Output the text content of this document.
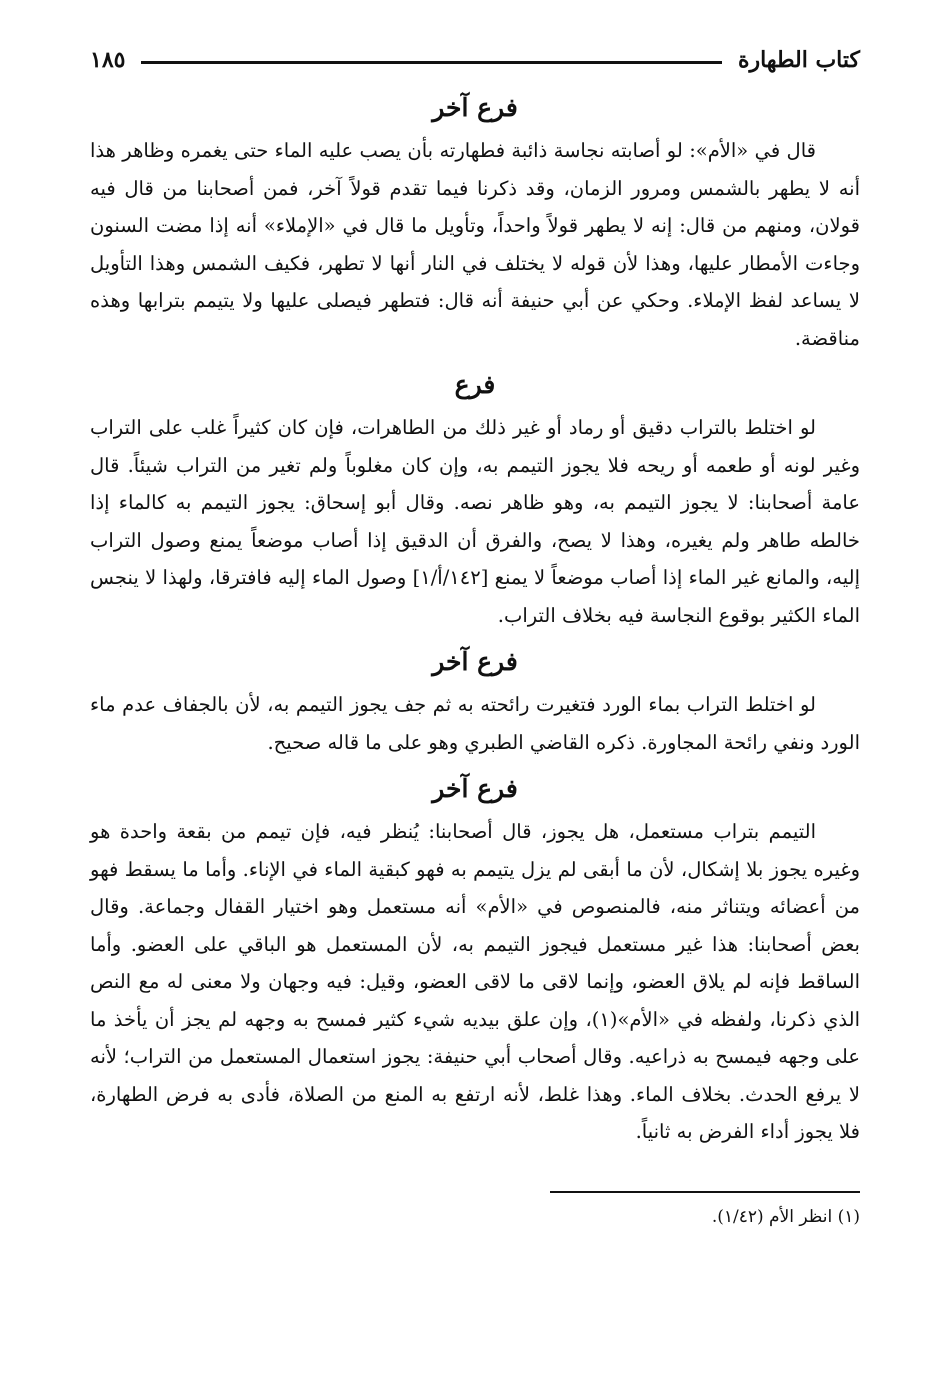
كتاب الطهارة
١٨٥
فرع آخر

قال في «الأم»: لو أصابته نجاسة ذائبة فطهارته بأن يصب عليه الماء حتى يغمره وظاهر هذا أنه لا يطهر بالشمس ومرور الزمان، وقد ذكرنا فيما تقدم قولاً آخر، فمن أصحابنا من قال فيه قولان، ومنهم من قال: إنه لا يطهر قولاً واحداً، وتأويل ما قال في «الإملاء» أنه إذا مضت السنون وجاءت الأمطار عليها، وهذا لأن قوله لا يختلف في النار أنها لا تطهر، فكيف الشمس وهذا التأويل لا يساعد لفظ الإملاء. وحكي عن أبي حنيفة أنه قال: فتطهر فيصلى عليها ولا يتيمم بترابها وهذه مناقضة.

فرع

لو اختلط بالتراب دقيق أو رماد أو غير ذلك من الطاهرات، فإن كان كثيراً غلب على التراب وغير لونه أو طعمه أو ريحه فلا يجوز التيمم به، وإن كان مغلوباً ولم تغير من التراب شيئاً. قال عامة أصحابنا: لا يجوز التيمم به، وهو ظاهر نصه. وقال أبو إسحاق: يجوز التيمم به كالماء إذا خالطه طاهر ولم يغيره، وهذا لا يصح، والفرق أن الدقيق إذا أصاب موضعاً يمنع وصول التراب إليه، والمانع غير الماء إذا أصاب موضعاً لا يمنع [١٤٢/أ/١] وصول الماء إليه فافترقا، ولهذا لا ينجس الماء الكثير بوقوع النجاسة فيه بخلاف التراب.

فرع آخر

لو اختلط التراب بماء الورد فتغيرت رائحته به ثم جف يجوز التيمم به، لأن بالجفاف عدم ماء الورد ونفي رائحة المجاورة. ذكره القاضي الطبري وهو على ما قاله صحيح.

فرع آخر

التيمم بتراب مستعمل، هل يجوز، قال أصحابنا: يُنظر فيه، فإن تيمم من بقعة واحدة هو وغيره يجوز بلا إشكال، لأن ما أبقى لم يزل يتيمم به فهو كبقية الماء في الإناء. وأما ما يسقط فهو من أعضائه ويتناثر منه، فالمنصوص في «الأم» أنه مستعمل وهو اختيار القفال وجماعة. وقال بعض أصحابنا: هذا غير مستعمل فيجوز التيمم به، لأن المستعمل هو الباقي على العضو. وأما الساقط فإنه لم يلاق العضو، وإنما لاقى ما لاقى العضو، وقيل: فيه وجهان ولا معنى له مع النص الذي ذكرنا، ولفظه في «الأم»(١)، وإن علق بيديه شيء كثير فمسح به وجهه لم يجز أن يأخذ ما على وجهه فيمسح به ذراعيه. وقال أصحاب أبي حنيفة: يجوز استعمال المستعمل من التراب؛ لأنه لا يرفع الحدث. بخلاف الماء. وهذا غلط، لأنه ارتفع به المنع من الصلاة، فأدى به فرض الطهارة، فلا يجوز أداء الفرض به ثانياً.

(١) انظر الأم (١/٤٢).
